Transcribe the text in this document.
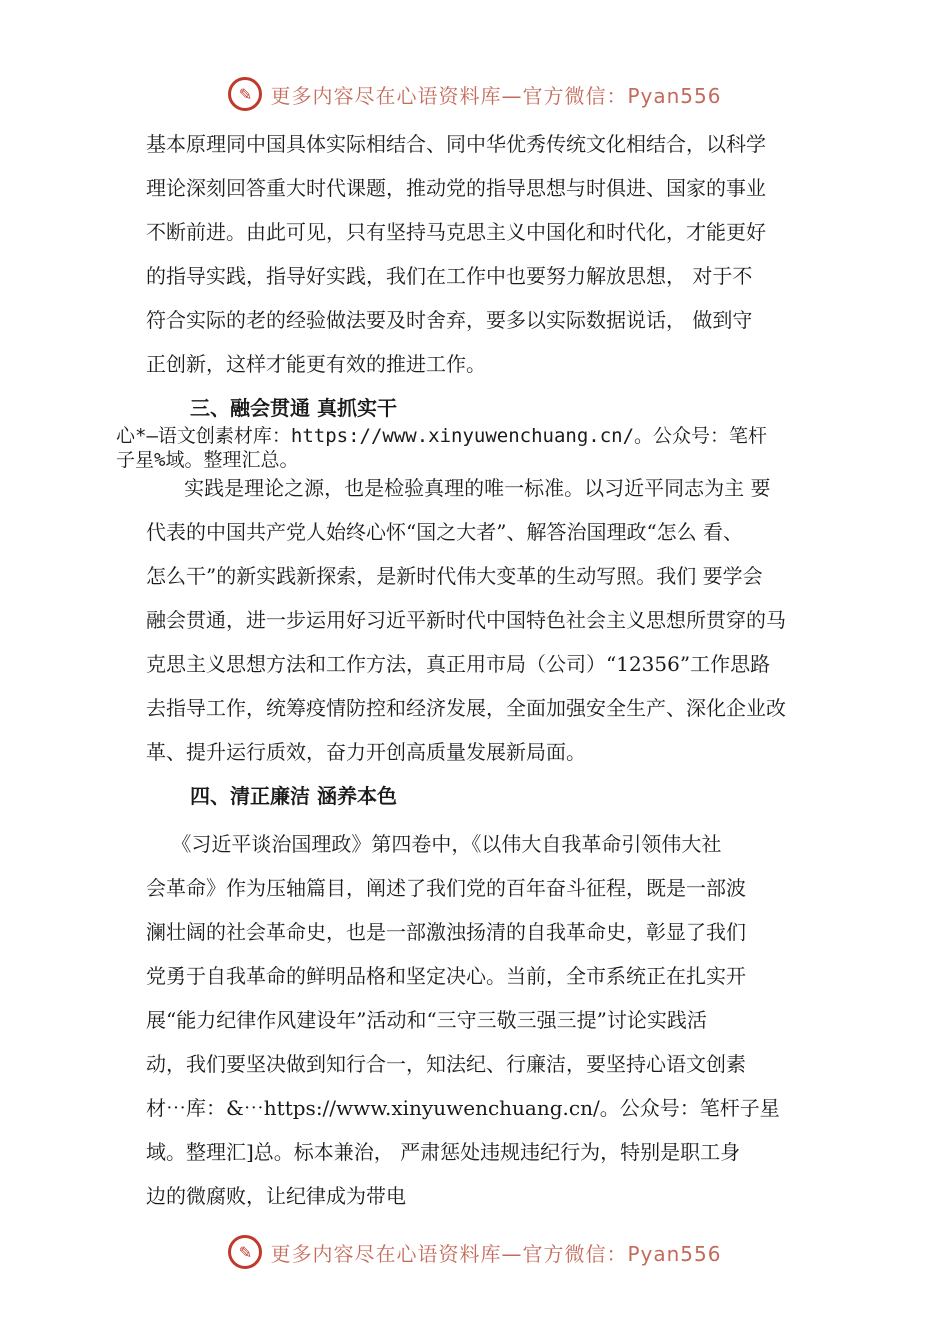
✎ 更多内容尽在心语资料库—官方微信：Pyan556
基本原理同中国具体实际相结合、同中华优秀传统文化相结合，以科学
理论深刻回答重大时代课题，推动党的指导思想与时俱进、国家的事业
不断前进。由此可见，只有坚持马克思主义中国化和时代化，才能更好
的指导实践，指导好实践，我们在工作中也要努力解放思想， 对于不
符合实际的老的经验做法要及时舍弃，要多以实际数据说话， 做到守
正创新，这样才能更有效的推进工作。
三、融会贯通 真抓实干
心*—语文创素材库：https://www.xinyuwenchuang.cn/。公众号：笔杆
子星%域。整理汇总。
实践是理论之源，也是检验真理的唯一标准。以习近平同志为主 要
代表的中国共产党人始终心怀“国之大者”、解答治国理政“怎么 看、
怎么干”的新实践新探索，是新时代伟大变革的生动写照。我们 要学会
融会贯通，进一步运用好习近平新时代中国特色社会主义思想所贯穿的马
克思主义思想方法和工作方法，真正用市局（公司）“12356”工作思路
去指导工作，统筹疫情防控和经济发展，全面加强安全生产、深化企业改
革、提升运行质效，奋力开创高质量发展新局面。
四、清正廉洁 涵养本色
《习近平谈治国理政》第四卷中，《以伟大自我革命引领伟大社
会革命》作为压轴篇目，阐述了我们党的百年奋斗征程，既是一部波
澜壮阔的社会革命史，也是一部激浊扬清的自我革命史，彰显了我们
党勇于自我革命的鲜明品格和坚定决心。当前，全市系统正在扎实开
展“能力纪律作风建设年”活动和“三守三敬三强三提”讨论实践活
动，我们要坚决做到知行合一，知法纪、行廉洁，要坚持心语文创素
材⋯库：&⋯https://www.xinyuwenchuang.cn/。公众号：笔杆子星
域。整理汇]总。标本兼治， 严肃惩处违规违纪行为，特别是职工身
边的微腐败，让纪律成为带电
✎ 更多内容尽在心语资料库—官方微信：Pyan556
